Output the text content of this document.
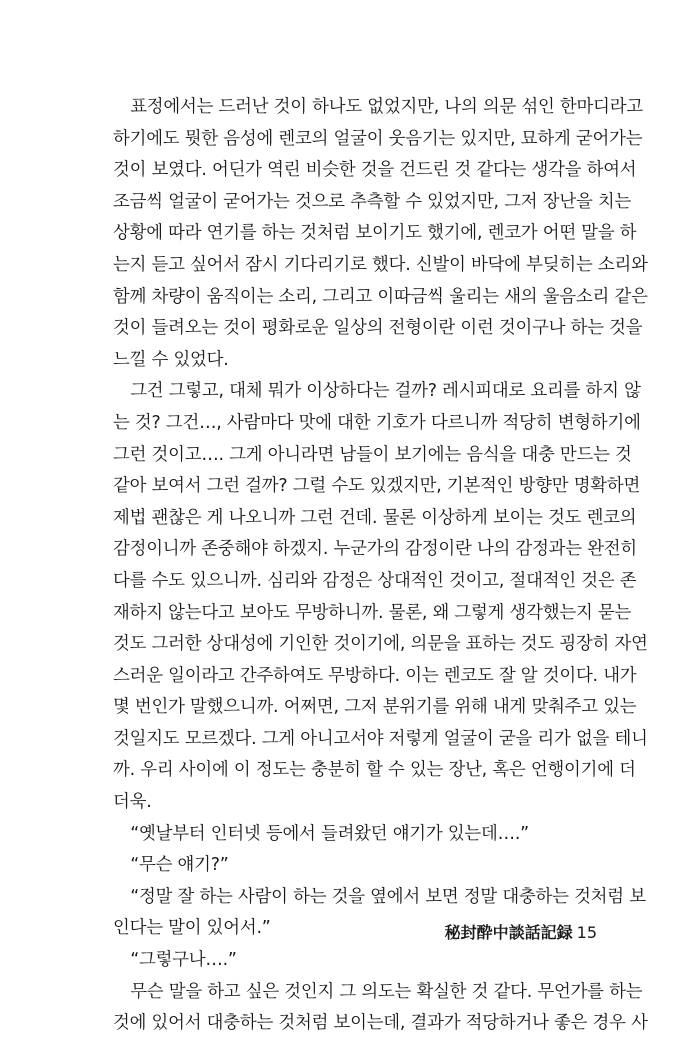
　표정에서는 드러난 것이 하나도 없었지만, 나의 의문 섞인 한마디라고
하기에도 뭣한 음성에 렌코의 얼굴이 웃음기는 있지만, 묘하게 굳어가는
것이 보였다. 어딘가 역린 비슷한 것을 건드린 것 같다는 생각을 하여서
조금씩 얼굴이 굳어가는 것으로 추측할 수 있었지만, 그저 장난을 치는
상황에 따라 연기를 하는 것처럼 보이기도 했기에, 렌코가 어떤 말을 하
는지 듣고 싶어서 잠시 기다리기로 했다. 신발이 바닥에 부딪히는 소리와
함께 차량이 움직이는 소리, 그리고 이따금씩 울리는 새의 울음소리 같은
것이 들려오는 것이 평화로운 일상의 전형이란 이런 것이구나 하는 것을
느낄 수 있었다.
　그건 그렇고, 대체 뭐가 이상하다는 걸까? 레시피대로 요리를 하지 않
는 것? 그건…, 사람마다 맛에 대한 기호가 다르니까 적당히 변형하기에
그런 것이고…. 그게 아니라면 남들이 보기에는 음식을 대충 만드는 것
같아 보여서 그런 걸까? 그럴 수도 있겠지만, 기본적인 방향만 명확하면
제법 괜찮은 게 나오니까 그런 건데. 물론 이상하게 보이는 것도 렌코의
감정이니까 존중해야 하겠지. 누군가의 감정이란 나의 감정과는 완전히
다를 수도 있으니까. 심리와 감정은 상대적인 것이고, 절대적인 것은 존
재하지 않는다고 보아도 무방하니까. 물론, 왜 그렇게 생각했는지 묻는
것도 그러한 상대성에 기인한 것이기에, 의문을 표하는 것도 굉장히 자연
스러운 일이라고 간주하여도 무방하다. 이는 렌코도 잘 알 것이다. 내가
몇 번인가 말했으니까. 어쩌면, 그저 분위기를 위해 내게 맞춰주고 있는
것일지도 모르겠다. 그게 아니고서야 저렇게 얼굴이 굳을 리가 없을 테니
까. 우리 사이에 이 정도는 충분히 할 수 있는 장난, 혹은 언행이기에 더
더욱.
　“옛날부터 인터넷 등에서 들려왔던 얘기가 있는데….”
　“무슨 얘기?”
　“정말 잘 하는 사람이 하는 것을 옆에서 보면 정말 대충하는 것처럼 보
인다는 말이 있어서.”
　“그렇구나….”
　무슨 말을 하고 싶은 것인지 그 의도는 확실한 것 같다. 무언가를 하는
것에 있어서 대충하는 것처럼 보이는데, 결과가 적당하거나 좋은 경우 사
秘封酔中談話記録 15
